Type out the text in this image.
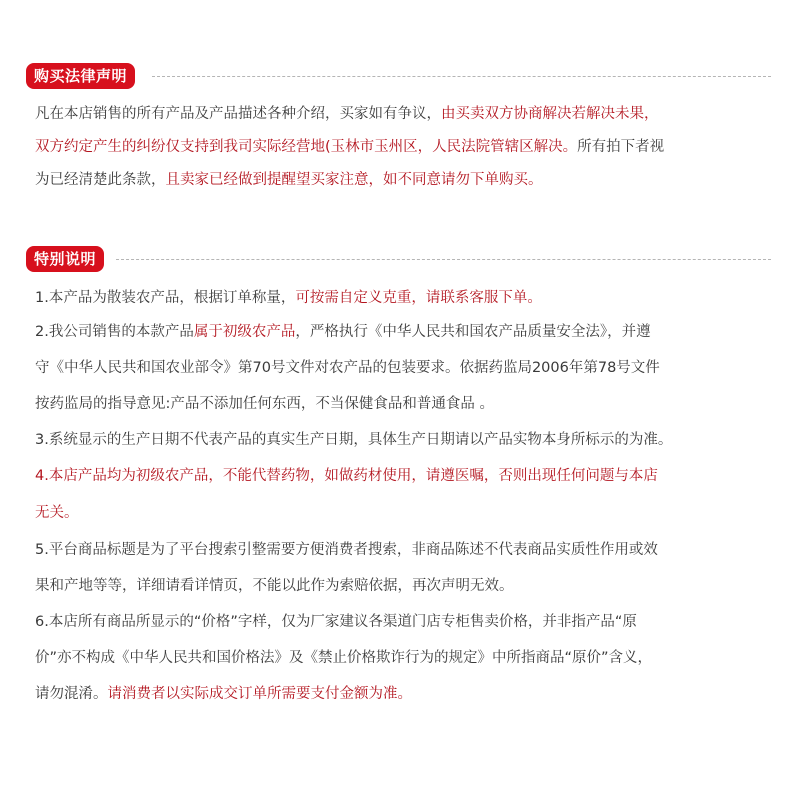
购买法律声明
凡在本店销售的所有产品及产品描述各种介绍，买家如有争议，由买卖双方协商解决若解决未果，
双方约定产生的纠纷仅支持到我司实际经营地(玉林市玉州区，人民法院管辖区解决。所有拍下者视
为已经清楚此条款，且卖家已经做到提醒望买家注意，如不同意请勿下单购买。
特别说明
1.本产品为散装农产品，根据订单称量，可按需自定义克重，请联系客服下单。
2.我公司销售的本款产品属于初级农产品，严格执行《中华人民共和国农产品质量安全法》，并遵
守《中华人民共和国农业部令》第70号文件对农产品的包装要求。依据药监局2006年第78号文件
按药监局的指导意见:产品不添加任何东西，不当保健食品和普通食品 。
3.系统显示的生产日期不代表产品的真实生产日期，具体生产日期请以产品实物本身所标示的为准。
4.本店产品均为初级农产品，不能代替药物，如做药材使用，请遵医嘱，否则出现任何问题与本店
无关。
5.平台商品标题是为了平台搜索引整需要方便消费者搜索，非商品陈述不代表商品实质性作用或效
果和产地等等，详细请看详情页，不能以此作为索赔依据，再次声明无效。
6.本店所有商品所显示的“价格”字样，仅为厂家建议各渠道门店专柜售卖价格，并非指产品“原
价”亦不构成《中华人民共和国价格法》及《禁止价格欺诈行为的规定》中所指商品“原价”含义，
请勿混淆。请消费者以实际成交订单所需要支付金额为准。
